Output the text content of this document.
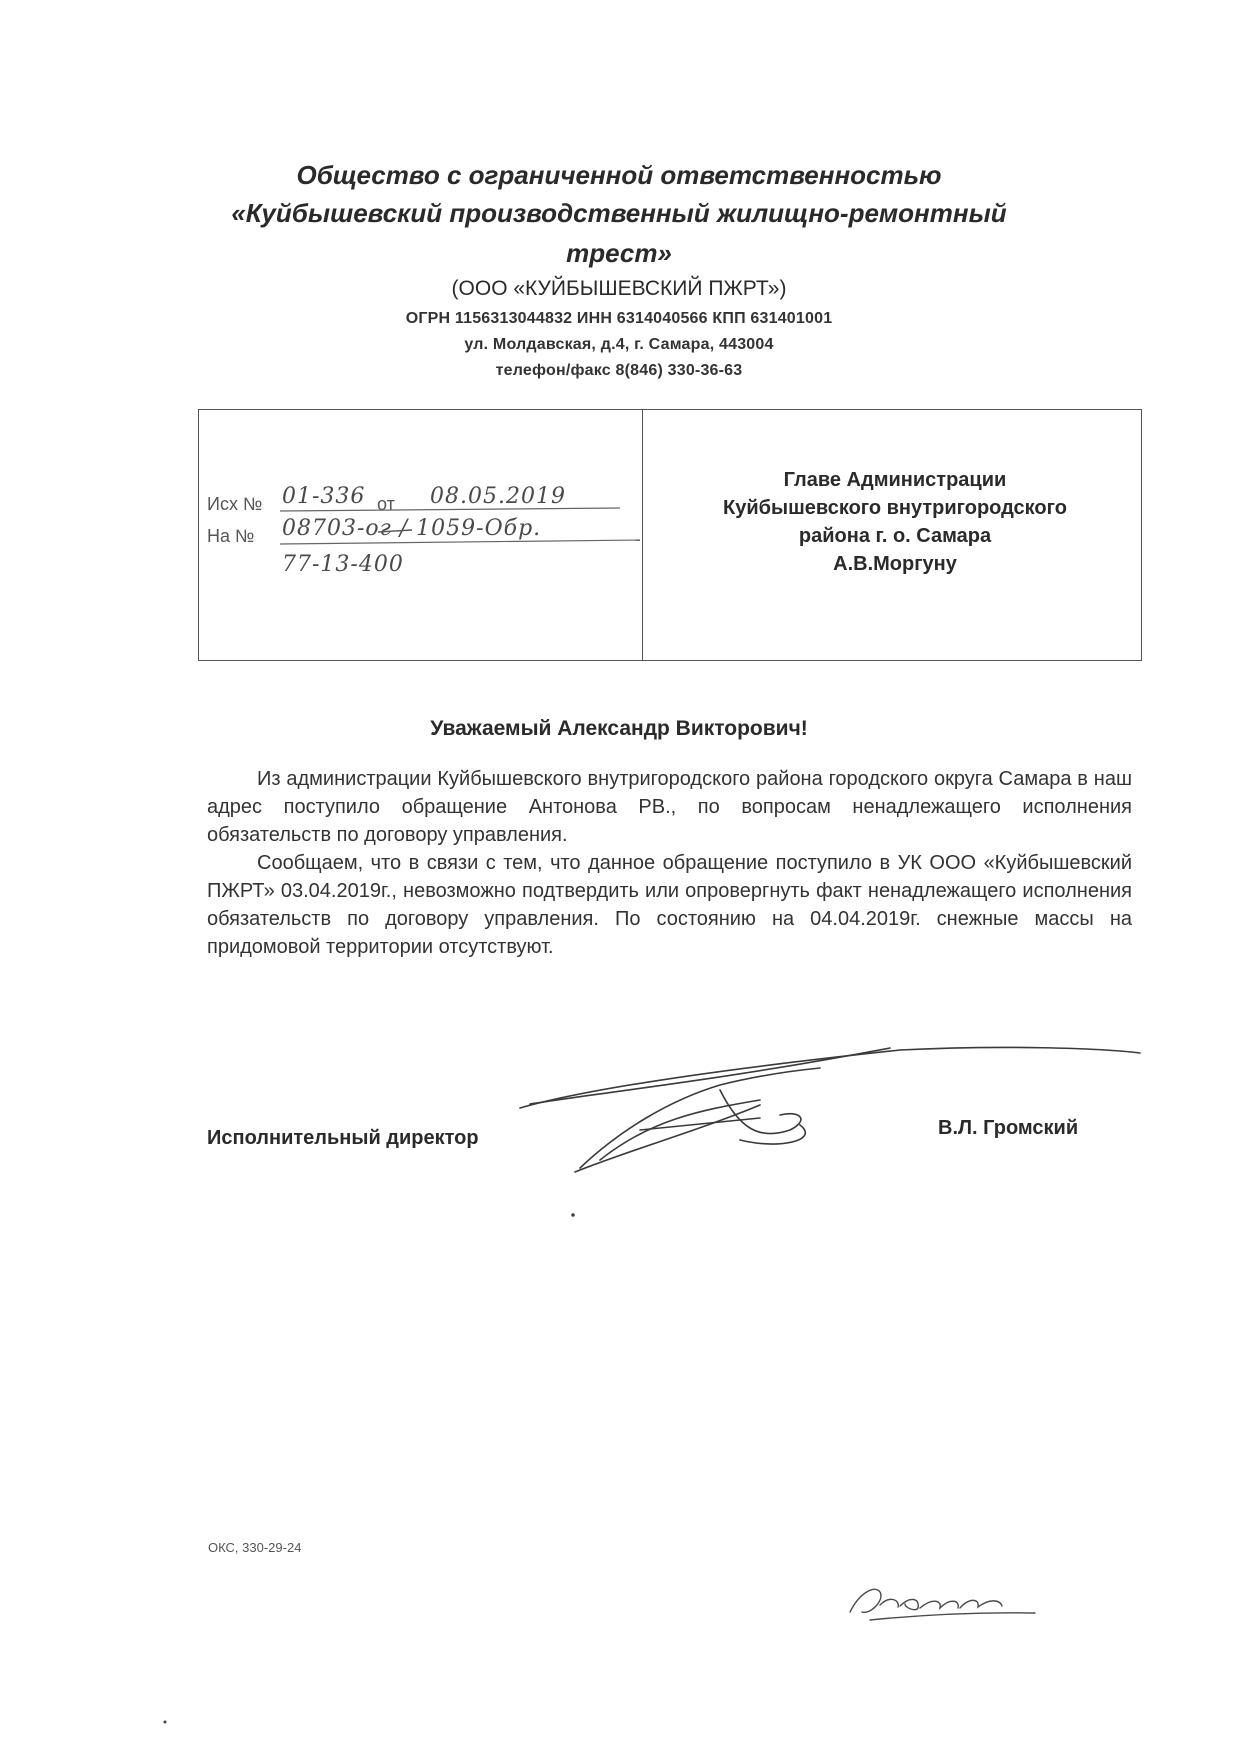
Общество с ограниченной ответственностью
«Куйбышевский производственный жилищно-ремонтный
трест»
(ООО «КУЙБЫШЕВСКИЙ ПЖРТ»)
ОГРН 1156313044832 ИНН 6314040566 КПП 631401001
ул. Молдавская, д.4, г. Самара, 443004
телефон/факс 8(846) 330-36-63
Исх № 01-336 от 08.05.2019
На № 08703-ог / 1059-Обр.
77-13-400
Главе Администрации
Куйбышевского внутригородского
района г. о. Самара
А.В.Моргуну
Уважаемый Александр Викторович!

Из администрации Куйбышевского внутригородского района городского округа Самара в наш адрес поступило обращение Антонова РВ., по вопросам ненадлежащего исполнения обязательств по договору управления.

Сообщаем, что в связи с тем, что данное обращение поступило в УК ООО «Куйбышевский ПЖРТ» 03.04.2019г., невозможно подтвердить или опровергнуть факт ненадлежащего исполнения обязательств по договору управления. По состоянию на 04.04.2019г. снежные массы на придомовой территории отсутствуют.

Исполнительный директор	В.Л. Громский
ОКС, 330-29-24
